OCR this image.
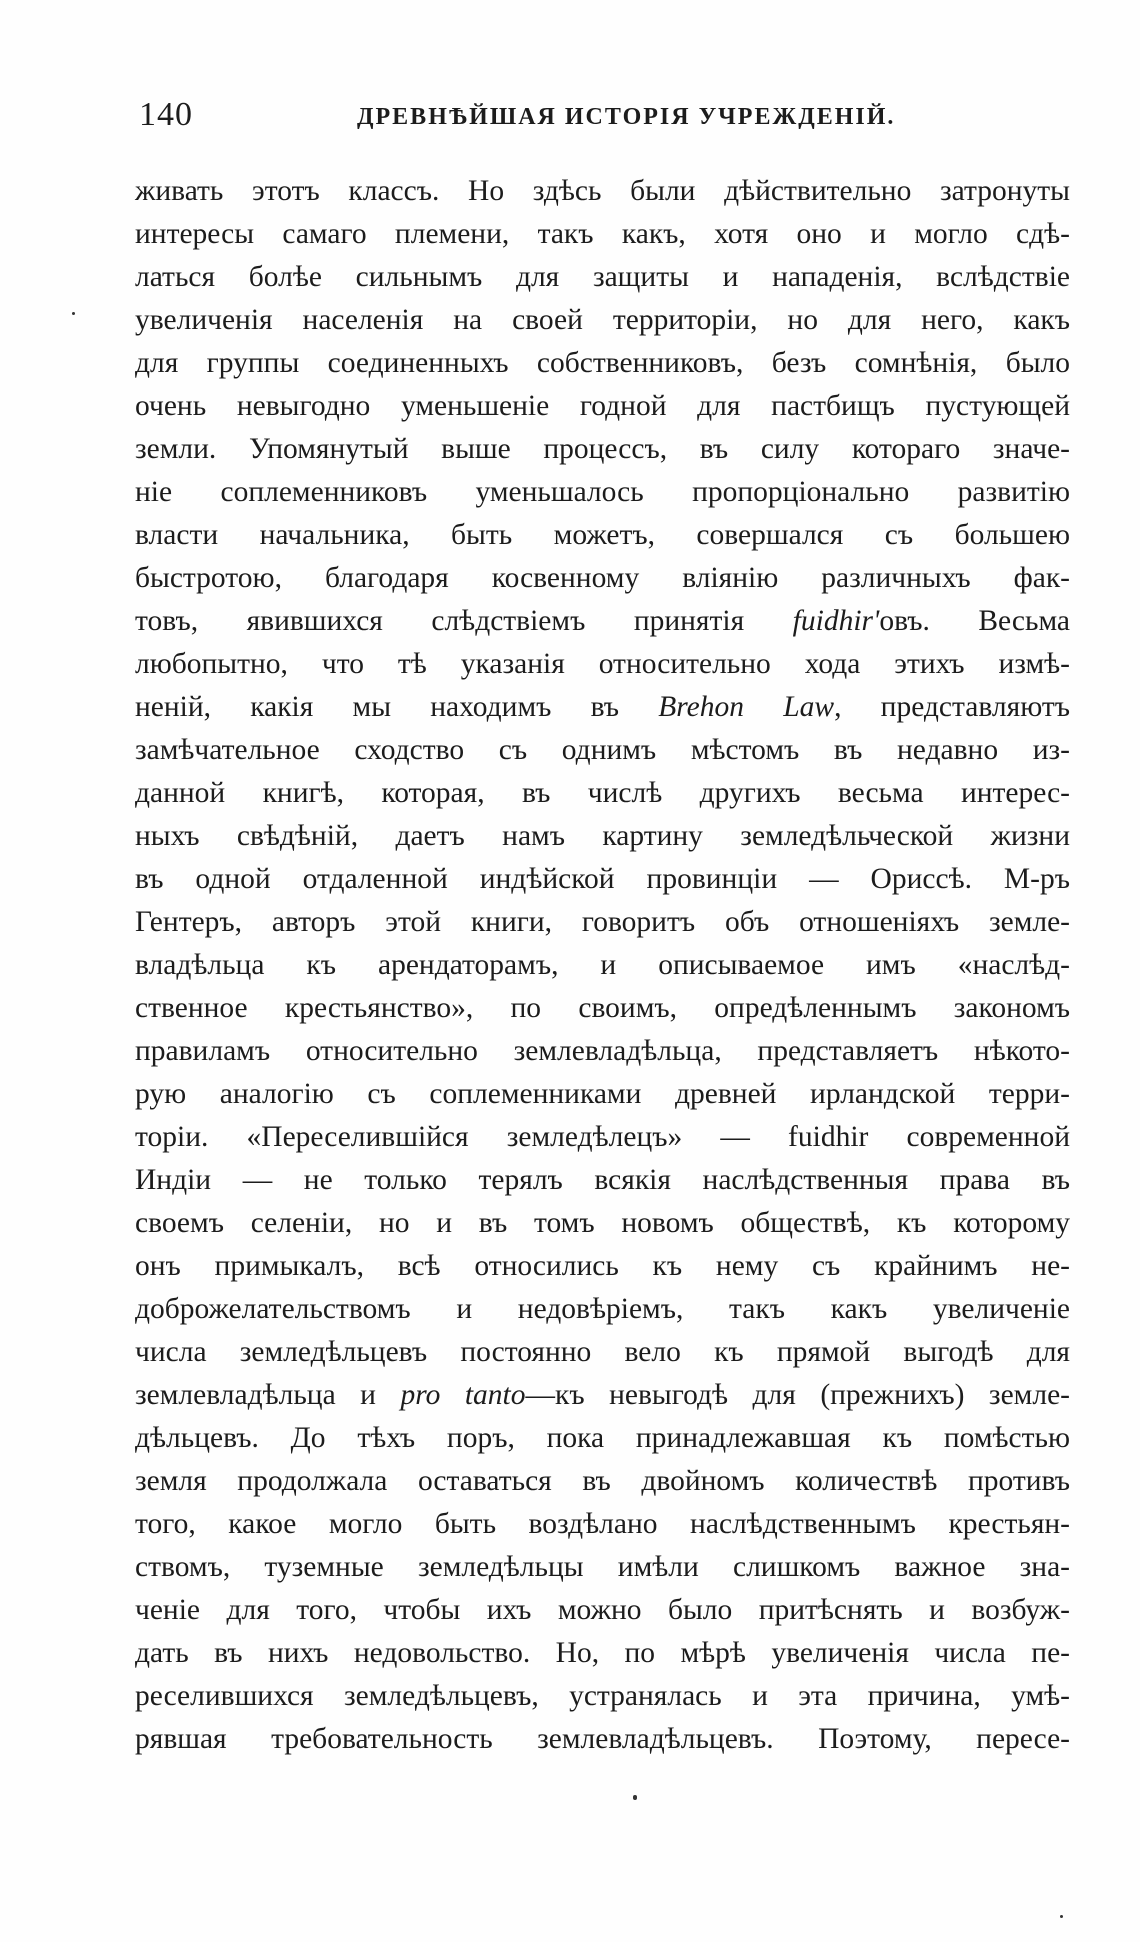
140	ДРЕВНѢЙШАЯ ИСТОРІЯ УЧРЕЖДЕНІЙ.
живать этотъ классъ. Но здѣсь были дѣйствительно затронуты
интересы самаго племени, такъ какъ, хотя оно и могло сдѣ-
латься болѣе сильнымъ для защиты и нападенія, вслѣдствіе
увеличенія населенія на своей территоріи, но для него, какъ
для группы соединенныхъ собственниковъ, безъ сомнѣнія, было
очень невыгодно уменьшеніе годной для пастбищъ пустующей
земли. Упомянутый выше процессъ, въ силу котораго значе-
ніе соплеменниковъ уменьшалось пропорціонально развитію
власти начальника, быть можетъ, совершался съ большею
быстротою, благодаря косвенному вліянію различныхъ фак-
товъ, явившихся слѣдствіемъ принятія fuidhir'овъ. Весьма
любопытно, что тѣ указанія относительно хода этихъ измѣ-
неній, какія мы находимъ въ Brehon Law, представляютъ
замѣчательное сходство съ однимъ мѣстомъ въ недавно из-
данной книгѣ, которая, въ числѣ другихъ весьма интерес-
ныхъ свѣдѣній, даетъ намъ картину земледѣльческой жизни
въ одной отдаленной индѣйской провинціи — Ориссѣ. М-ръ
Гентеръ, авторъ этой книги, говоритъ объ отношеніяхъ земле-
владѣльца къ арендаторамъ, и описываемое имъ «наслѣд-
ственное крестьянство», по своимъ, опредѣленнымъ закономъ
правиламъ относительно землевладѣльца, представляетъ нѣкото-
рую аналогію съ соплеменниками древней ирландской терри-
торіи. «Переселившійся земледѣлецъ» — fuidhir современной
Индіи — не только терялъ всякія наслѣдственныя права въ
своемъ селеніи, но и въ томъ новомъ обществѣ, къ которому
онъ примыкалъ, всѣ относились къ нему съ крайнимъ не-
доброжелательствомъ и недовѣріемъ, такъ какъ увеличеніе
числа земледѣльцевъ постоянно вело къ прямой выгодѣ для
землевладѣльца и pro tanto—къ невыгодѣ для (прежнихъ) земле-
дѣльцевъ. До тѣхъ поръ, пока принадлежавшая къ помѣстью
земля продолжала оставаться въ двойномъ количествѣ противъ
того, какое могло быть воздѣлано наслѣдственнымъ крестьян-
ствомъ, туземные земледѣльцы имѣли слишкомъ важное зна-
ченіе для того, чтобы ихъ можно было притѣснять и возбуж-
дать въ нихъ недовольство. Но, по мѣрѣ увеличенія числа пе-
реселившихся земледѣльцевъ, устранялась и эта причина, умѣ-
рявшая требовательность землевладѣльцевъ. Поэтому, пересе-
